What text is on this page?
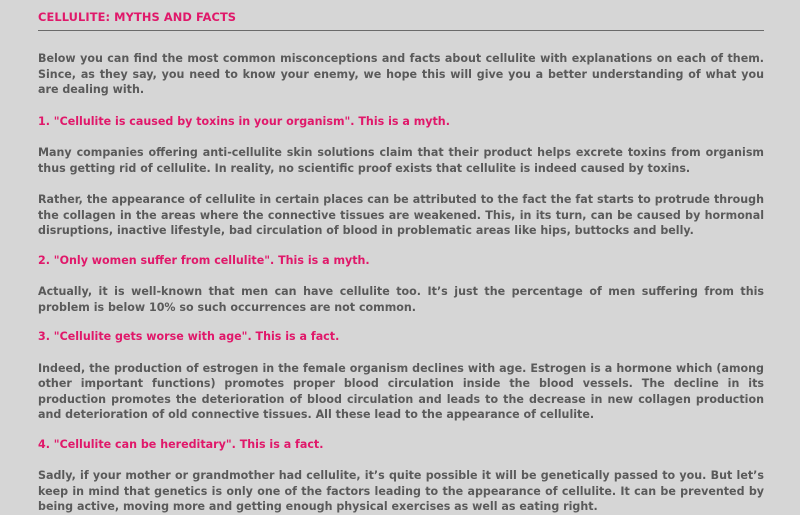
CELLULITE: MYTHS AND FACTS

Below you can find the most common misconceptions and facts about cellulite with explanations on each of them. Since, as they say, you need to know your enemy, we hope this will give you a better understanding of what you are dealing with.

1. "Cellulite is caused by toxins in your organism". This is a myth.

Many companies offering anti-cellulite skin solutions claim that their product helps excrete toxins from organism thus getting rid of cellulite. In reality, no scientific proof exists that cellulite is indeed caused by toxins.

Rather, the appearance of cellulite in certain places can be attributed to the fact the fat starts to protrude through the collagen in the areas where the connective tissues are weakened. This, in its turn, can be caused by hormonal disruptions, inactive lifestyle, bad circulation of blood in problematic areas like hips, buttocks and belly.

2. "Only women suffer from cellulite". This is a myth.

Actually, it is well-known that men can have cellulite too. It’s just the percentage of men suffering from this problem is below 10% so such occurrences are not common.

3. "Cellulite gets worse with age". This is a fact.

Indeed, the production of estrogen in the female organism declines with age. Estrogen is a hormone which (among other important functions) promotes proper blood circulation inside the blood vessels. The decline in its production promotes the deterioration of blood circulation and leads to the decrease in new collagen production and deterioration of old connective tissues. All these lead to the appearance of cellulite.

4. "Cellulite can be hereditary". This is a fact.

Sadly, if your mother or grandmother had cellulite, it’s quite possible it will be genetically passed to you. But let’s keep in mind that genetics is only one of the factors leading to the appearance of cellulite. It can be prevented by being active, moving more and getting enough physical exercises as well as eating right.
